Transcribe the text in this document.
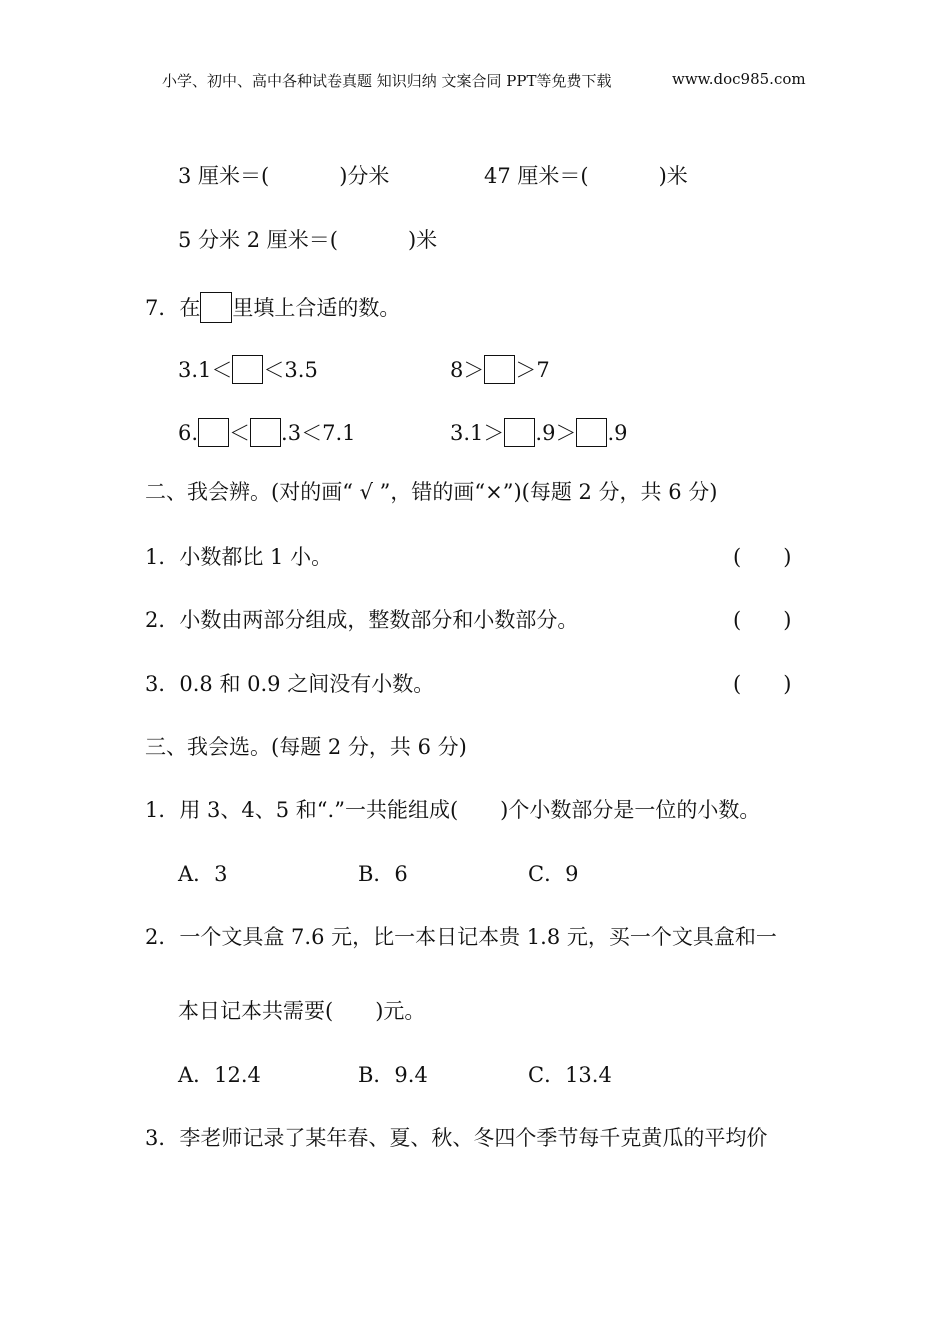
小学、初中、高中各种试卷真题 知识归纳 文案合同 PPT等免费下载	www.doc985.com
3 厘米＝(	)分米	47 厘米＝(	)米
5 分米 2 厘米＝(	)米
7．在 里填上合适的数。
3.1＜ ＜3.5	8＞ ＞7
6. ＜ .3＜7.1	3.1＞ .9＞ .9
二、我会辨。(对的画“ √ ”，错的画“×”)(每题 2 分，共 6 分)
1．小数都比 1 小。	(　　)
2．小数由两部分组成，整数部分和小数部分。	(　　)
3．0.8 和 0.9 之间没有小数。	(　　)
三、我会选。(每题 2 分，共 6 分)
1．用 3、4、5 和“.”一共能组成(　　)个小数部分是一位的小数。
A．3	B．6	C．9
2．一个文具盒 7.6 元，比一本日记本贵 1.8 元，买一个文具盒和一
本日记本共需要(　　)元。
A．12.4	B．9.4	C．13.4
3．李老师记录了某年春、夏、秋、冬四个季节每千克黄瓜的平均价
